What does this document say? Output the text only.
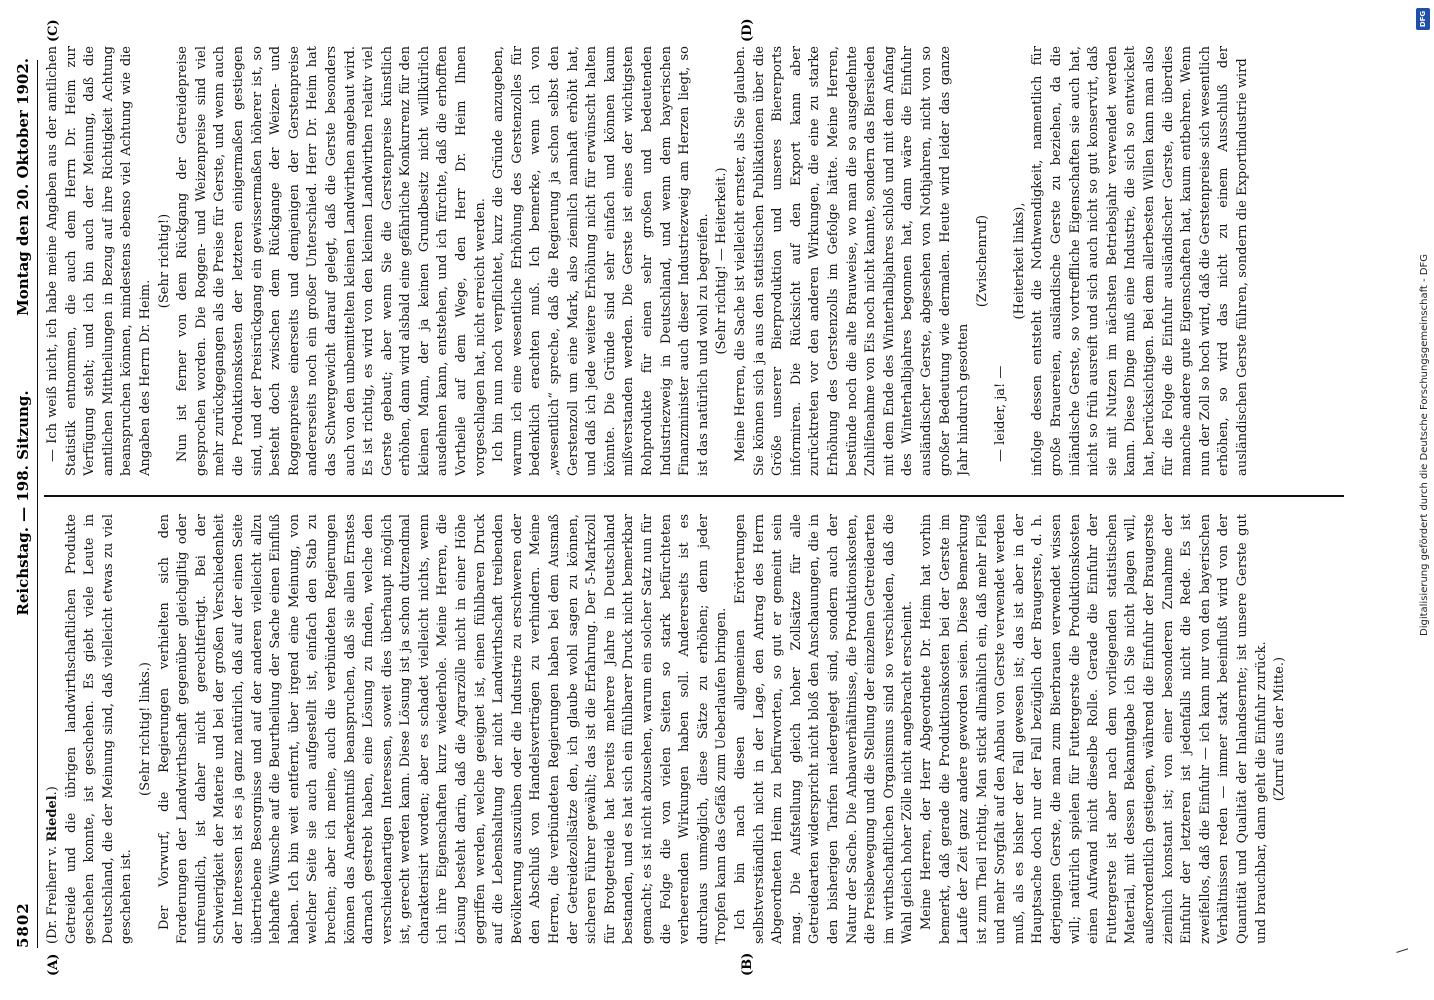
5802
Reichstag. — 198. Sitzung.
Montag den 20. Oktober 1902.
(A)	(B)
(C)	(D)

(Dr. Freiherr v. Riedel.) Getreide und die übrigen landwirthschaftlichen Produkte geschehen konnte, ist geschehen. Es giebt viele Leute in Deutschland, die der Meinung sind, daß vielleicht etwas zu viel geschehen ist.

(Sehr richtig! links.) Der Vorwurf, die Regierungen verhielten sich den Forderungen der Landwirthschaft gegenüber gleichgiltig oder unfreundlich, ist daher nicht gerechtfertigt. Bei der Schwierigkeit der Materie und bei der großen Verschiedenheit der Interessen ist es ja ganz natürlich, daß auf der einen Seite übertriebene Besorgnisse und auf der anderen vielleicht allzu lebhafte Wünsche auf die Beurtheilung der Sache einen Einfluß haben. Ich bin weit entfernt, über irgend eine Meinung, von welcher Seite sie auch aufgestellt ist, einfach den Stab zu brechen; aber ich meine, auch die verbündeten Regierungen können das Anerkenntniß beanspruchen, daß sie allen Ernstes darnach gestrebt haben, eine Lösung zu finden, welche den verschiedenartigen Interessen, soweit dies überhaupt möglich ist, gerecht werden kann. Diese Lösung ist ja schon dutzendmal charakterisirt worden; aber es schadet vielleicht nichts, wenn ich ihre Eigenschaften kurz wiederhole. Meine Herren, die Lösung besteht darin, daß die Agrarzölle nicht in einer Höhe gegriffen werden, welche geeignet ist, einen fühlbaren Druck auf die Lebenshaltung der nicht Landwirthschaft treibenden Bevölkerung auszuüben oder die Industrie zu erschweren oder den Abschluß von Handelsverträgen zu verhindern. Meine Herren, die verbündeten Regierungen haben bei dem Ausmaß der Getreidezollsätze den, ich glaube wohl sagen zu können, sicheren Führer gewählt; das ist die Erfahrung. Der 5-Markzoll für Brotgetreide hat bereits mehrere Jahre in Deutschland bestanden, und es hat sich ein fühlbarer Druck nicht bemerkbar gemacht; es ist nicht abzusehen, warum ein solcher Satz nun für die Folge die von vielen Seiten so stark befürchteten verheerenden Wirkungen haben soll. Andererseits ist es durchaus unmöglich, diese Sätze zu erhöhen; denn jeder Tropfen kann das Gefäß zum Ueberlaufen bringen. Ich bin nach diesen allgemeinen Erörterungen selbstverständlich nicht in der Lage, den Antrag des Herrn Abgeordneten Heim zu befürworten, so gut er gemeint sein mag. Die Aufstellung gleich hoher Zollsätze für alle Getreidearten widerspricht nicht bloß den Anschauungen, die in den bisherigen Tarifen niedergelegt sind, sondern auch der Natur der Sache. Die Anbauverhältnisse, die Produktionskosten, die Preisbewegung und die Stellung der einzelnen Getreidearten im wirthschaftlichen Organismus sind so verschieden, daß die Wahl gleich hoher Zölle nicht angebracht erscheint. Meine Herren, der Herr Abgeordnete Dr. Heim hat vorhin bemerkt, daß gerade die Produktionskosten bei der Gerste im Laufe der Zeit ganz andere geworden seien. Diese Bemerkung ist zum Theil richtig. Man stickt allmählich ein, daß mehr Fleiß und mehr Sorgfalt auf den Anbau von Gerste verwendet werden muß, als es bisher der Fall gewesen ist; das ist aber in der Hauptsache doch nur der Fall bezüglich der Braugerste, d. h. derjenigen Gerste, die man zum Bierbrauen verwendet wissen will; natürlich spielen für Futtergerste die Produktionskosten einen Aufwand nicht dieselbe Rolle. Gerade die Einfuhr der Futtergerste ist aber nach dem vorliegenden statistischen Material, mit dessen Bekanntgabe ich Sie nicht plagen will, außerordentlich gestiegen, während die Einfuhr der Braugerste ziemlich konstant ist; von einer besonderen Zunahme der Einfuhr der letzteren ist jedenfalls nicht die Rede. Es ist zweifellos, daß die Einfuhr — ich kann nur von den bayerischen Verhältnissen reden — immer stark beeinflußt wird von der Quantität und Qualität der Inlandsernte; ist unsere Gerste gut und brauchbar, dann geht die Einfuhr zurück. (Zuruf aus der Mitte.)

— Ich weiß nicht, ich habe meine Angaben aus der amtlichen Statistik entnommen, die auch dem Herrn Dr. Heim zur Verfügung steht; und ich bin auch der Meinung, daß die amtlichen Mittheilungen in Bezug auf ihre Richtigkeit Achtung beanspruchen können, mindestens ebenso viel Achtung wie die Angaben des Herrn Dr. Heim.

(Sehr richtig!) Nun ist ferner von dem Rückgang der Getreidepreise gesprochen worden. Die Roggen- und Weizenpreise sind viel mehr zurückgegangen als die Preise für Gerste, und wenn auch die Produktionskosten der letzteren einigermaßen gestiegen sind, und der Preisrückgang ein gewissermaßen höherer ist, so besteht doch zwischen dem Rückgange der Weizen- und Roggenpreise einerseits und demjenigen der Gerstenpreise andererseits noch ein großer Unterschied. Herr Dr. Heim hat das Schwergewicht darauf gelegt, daß die Gerste besonders auch von den unbemittelten kleinen Landwirthen angebaut wird. Es ist richtig, es wird von den kleinen Landwirthen relativ viel Gerste gebaut; aber wenn Sie die Gerstenpreise künstlich erhöhen, dann wird alsbald eine gefährliche Konkurrenz für den kleinen Mann, der ja keinen Grundbesitz nicht willkürlich ausdehnen kann, entstehen, und ich fürchte, daß die erhofften Vortheile auf dem Wege, den Herr Dr. Heim Ihnen vorgeschlagen hat, nicht erreicht werden. Ich bin nun noch verpflichtet, kurz die Gründe anzugeben, warum ich eine wesentliche Erhöhung des Gerstenzolles für bedenklich erachten muß. Ich bemerke, wenn ich von „wesentlich“ spreche, daß die Regierung ja schon selbst den Gerstenzoll um eine Mark, also ziemlich namhaft erhöht hat, und daß ich jede weitere Erhöhung nicht für erwünscht halten könnte. Die Gründe sind sehr einfach und können kaum mißverstanden werden. Die Gerste ist eines der wichtigsten Rohprodukte für einen sehr großen und bedeutenden Industriezweig in Deutschland, und wenn dem bayerischen Finanzminister auch dieser Industriezweig am Herzen liegt, so ist das natürlich und wohl zu begreifen. (Sehr richtig! — Heiterkeit.) Meine Herren, die Sache ist vielleicht ernster, als Sie glauben. Sie können sich ja aus den statistischen Publikationen über die Größe unserer Bierproduktion und unseres Biererports informiren. Die Rücksicht auf den Export kann aber zurücktreten vor den anderen Wirkungen, die eine zu starke Erhöhung des Gerstenzolls im Gefolge hätte. Meine Herren, bestünde noch die alte Brauweise, wo man die so ausgedehnte Zuhilfenahme von Eis noch nicht kannte, sondern das Biersieden mit dem Ende des Winterhalbjahres schloß und mit dem Anfang des Winterhalbjahres begonnen hat, dann wäre die Einfuhr ausländischer Gerste, abgesehen von Nothjahren, nicht von so großer Bedeutung wie dermalen. Heute wird leider das ganze Jahr hindurch gesotten

(Zwischenruf)

— leider, ja! —

(Heiterkeit links), infolge dessen entsteht die Nothwendigkeit, namentlich für große Brauereien, ausländische Gerste zu beziehen, da die inländische Gerste, so vortreffliche Eigenschaften sie auch hat, nicht so früh ausreift und sich auch nicht so gut konservirt, daß sie mit Nutzen im nächsten Betriebsjahr verwendet werden kann. Diese Dinge muß eine Industrie, die sich so entwickelt hat, berücksichtigen. Bei dem allerbesten Willen kann man also für die Folge die Einfuhr ausländischer Gerste, die überdies manche andere gute Eigenschaften hat, kaum entbehren. Wenn nun der Zoll so hoch wird, daß die Gerstenpreise sich wesentlich erhöhen, so wird das nicht zu einem Ausschluß der ausländischen Gerste führen, sondern die Exportindustrie wird

\
DFG
Digitalisierung gefördert durch die Deutsche Forschungsgemeinschaft - DFG
